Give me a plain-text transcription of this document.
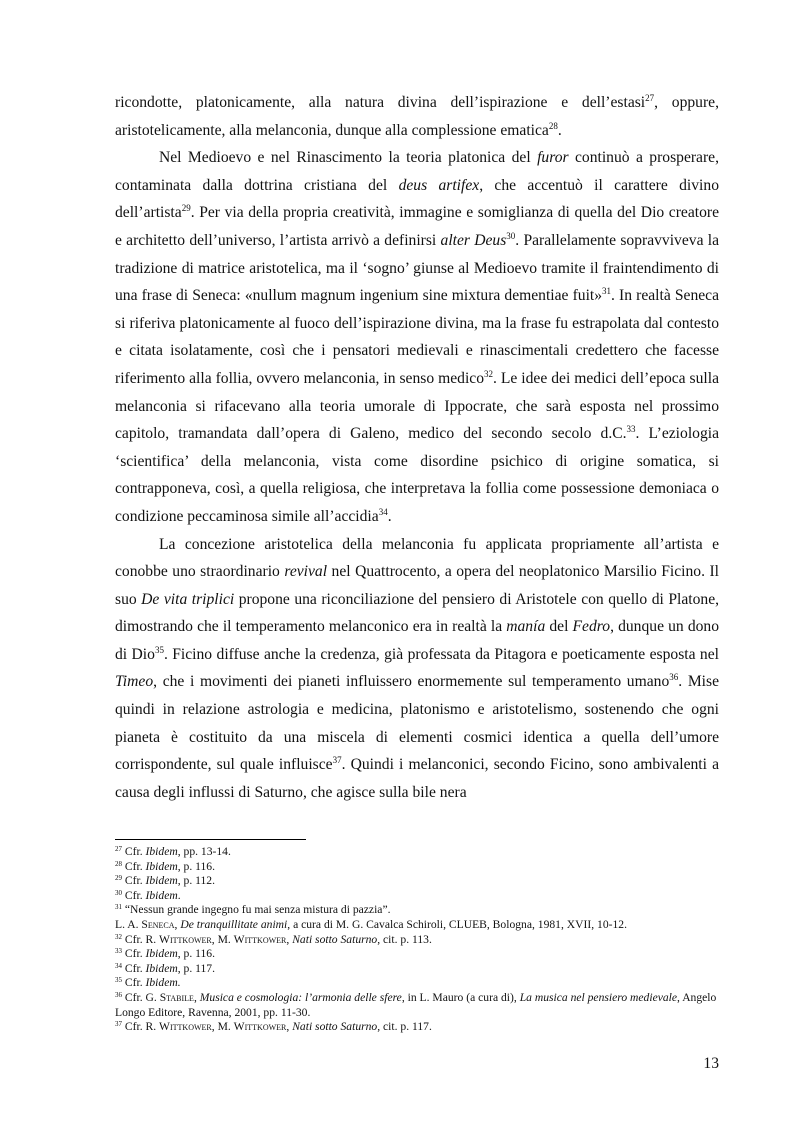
ricondotte, platonicamente, alla natura divina dell’ispirazione e dell’estasi$^{27}$, oppure, aristotelicamente, alla melanconia, dunque alla complessione ematica$^{28}$.

Nel Medioevo e nel Rinascimento la teoria platonica del furor continuò a prosperare, contaminata dalla dottrina cristiana del deus artifex, che accentuò il carattere divino dell’artista$^{29}$. Per via della propria creatività, immagine e somiglianza di quella del Dio creatore e architetto dell’universo, l’artista arrivò a definirsi alter Deus$^{30}$. Parallelamente sopravviveva la tradizione di matrice aristotelica, ma il ‘sogno’ giunse al Medioevo tramite il fraintendimento di una frase di Seneca: «nullum magnum ingenium sine mixtura dementiae fuit»$^{31}$. In realtà Seneca si riferiva platonicamente al fuoco dell’ispirazione divina, ma la frase fu estrapolata dal contesto e citata isolatamente, così che i pensatori medievali e rinascimentali credettero che facesse riferimento alla follia, ovvero melanconia, in senso medico$^{32}$. Le idee dei medici dell’epoca sulla melanconia si rifacevano alla teoria umorale di Ippocrate, che sarà esposta nel prossimo capitolo, tramandata dall’opera di Galeno, medico del secondo secolo d.C.$^{33}$. L’eziologia ‘scientifica’ della melanconia, vista come disordine psichico di origine somatica, si contrapponeva, così, a quella religiosa, che interpretava la follia come possessione demoniaca o condizione peccaminosa simile all’accidia$^{34}$.

La concezione aristotelica della melanconia fu applicata propriamente all’artista e conobbe uno straordinario revival nel Quattrocento, a opera del neoplatonico Marsilio Ficino. Il suo De vita triplici propone una riconciliazione del pensiero di Aristotele con quello di Platone, dimostrando che il temperamento melanconico era in realtà la manía del Fedro, dunque un dono di Dio$^{35}$. Ficino diffuse anche la credenza, già professata da Pitagora e poeticamente esposta nel Timeo, che i movimenti dei pianeti influissero enormemente sul temperamento umano$^{36}$. Mise quindi in relazione astrologia e medicina, platonismo e aristotelismo, sostenendo che ogni pianeta è costituito da una miscela di elementi cosmici identica a quella dell’umore corrispondente, sul quale influisce$^{37}$. Quindi i melanconici, secondo Ficino, sono ambivalenti a causa degli influssi di Saturno, che agisce sulla bile nera

$^{27}$ Cfr. Ibidem, pp. 13-14.
$^{28}$ Cfr. Ibidem, p. 116.
$^{29}$ Cfr. Ibidem, p. 112.
$^{30}$ Cfr. Ibidem.
$^{31}$ “Nessun grande ingegno fu mai senza mistura di pazzia”.
L. A. Seneca, De tranquillitate animi, a cura di M. G. Cavalca Schiroli, CLUEB, Bologna, 1981, XVII, 10-12.
$^{32}$ Cfr. R. Wittkower, M. Wittkower, Nati sotto Saturno, cit. p. 113.
$^{33}$ Cfr. Ibidem, p. 116.
$^{34}$ Cfr. Ibidem, p. 117.
$^{35}$ Cfr. Ibidem.
$^{36}$ Cfr. G. Stabile, Musica e cosmologia: l’armonia delle sfere, in L. Mauro (a cura di), La musica nel pensiero medievale, Angelo Longo Editore, Ravenna, 2001, pp. 11-30.
$^{37}$ Cfr. R. Wittkower, M. Wittkower, Nati sotto Saturno, cit. p. 117.
13
